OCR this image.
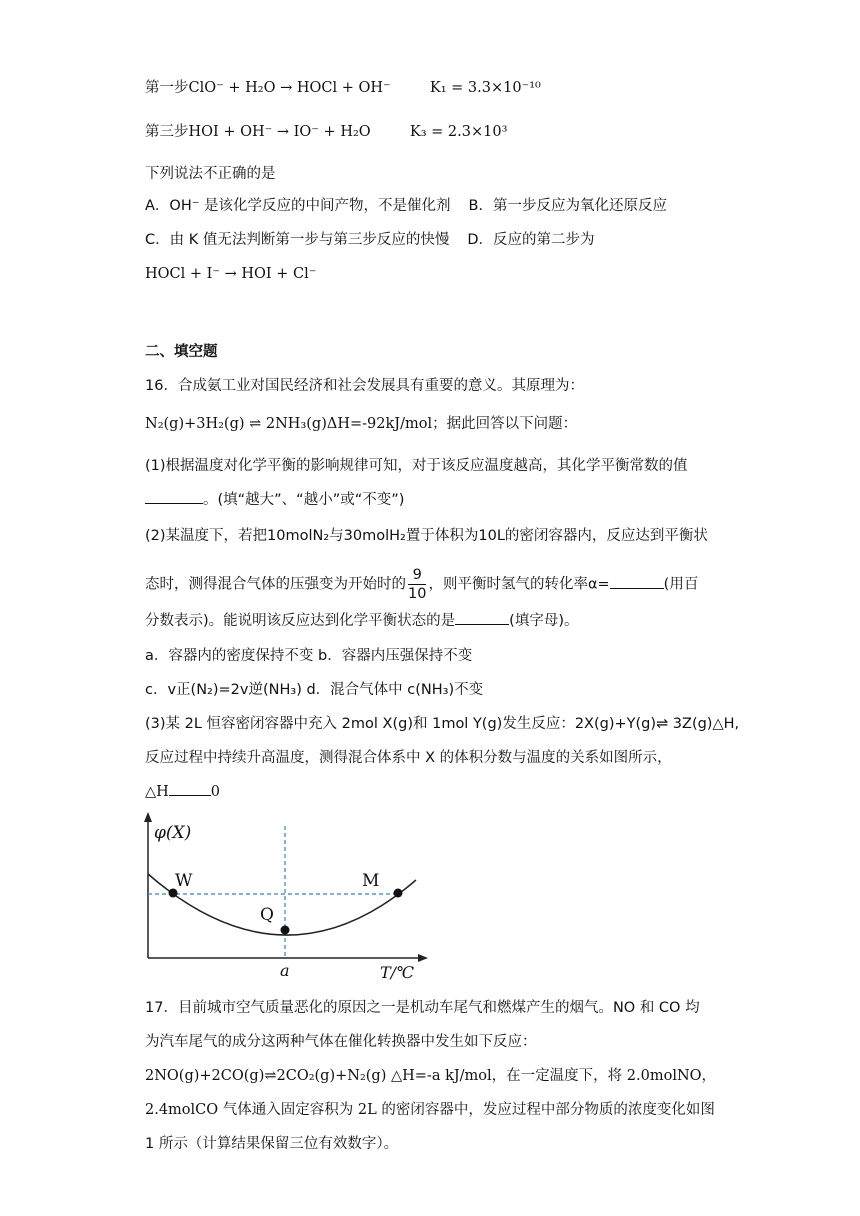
第一步ClO⁻ + H₂O → HOCl + OH⁻	K₁ = 3.3×10⁻¹⁰
第三步HOI + OH⁻ → IO⁻ + H₂O	K₃ = 2.3×10³
下列说法不正确的是
A．OH⁻ 是该化学反应的中间产物，不是催化剂 B．第一步反应为氧化还原反应
C．由 K 值无法判断第一步与第三步反应的快慢 D．反应的第二步为
HOCl + I⁻ → HOI + Cl⁻
二、填空题
16．合成氨工业对国民经济和社会发展具有重要的意义。其原理为：
N₂(g)+3H₂(g) ⇌ 2NH₃(g)ΔH=-92kJ/mol；据此回答以下问题：
(1)根据温度对化学平衡的影响规律可知，对于该反应温度越高，其化学平衡常数的值
。(填“越大”、“越小”或“不变”)
(2)某温度下，若把10molN₂与30molH₂置于体积为10L的密闭容器内，反应达到平衡状
态时，测得混合气体的压强变为开始时的 $\frac{9}{10}$ ，则平衡时氢气的转化率α=	(用百
分数表示)。能说明该反应达到化学平衡状态的是	(填字母)。
a．容器内的密度保持不变 b．容器内压强保持不变
c．v正(N₂)=2v逆(NH₃) d．混合气体中 c(NH₃)不变
(3)某 2L 恒容密闭容器中充入 2mol X(g)和 1mol Y(g)发生反应：2X(g)+Y(g)⇌ 3Z(g)△H,
反应过程中持续升高温度，测得混合体系中 X 的体积分数与温度的关系如图所示，
△H	0
φ(X)
W
Q
M
a	T/℃
17．目前城市空气质量恶化的原因之一是机动车尾气和燃煤产生的烟气。NO 和 CO 均
为汽车尾气的成分这两种气体在催化转换器中发生如下反应：
2NO(g)+2CO(g)⇌2CO₂(g)+N₂(g) △H=-a kJ/mol，在一定温度下，将 2.0molNO，
2.4molCO 气体通入固定容积为 2L 的密闭容器中，发应过程中部分物质的浓度变化如图
1 所示（计算结果保留三位有效数字）。
